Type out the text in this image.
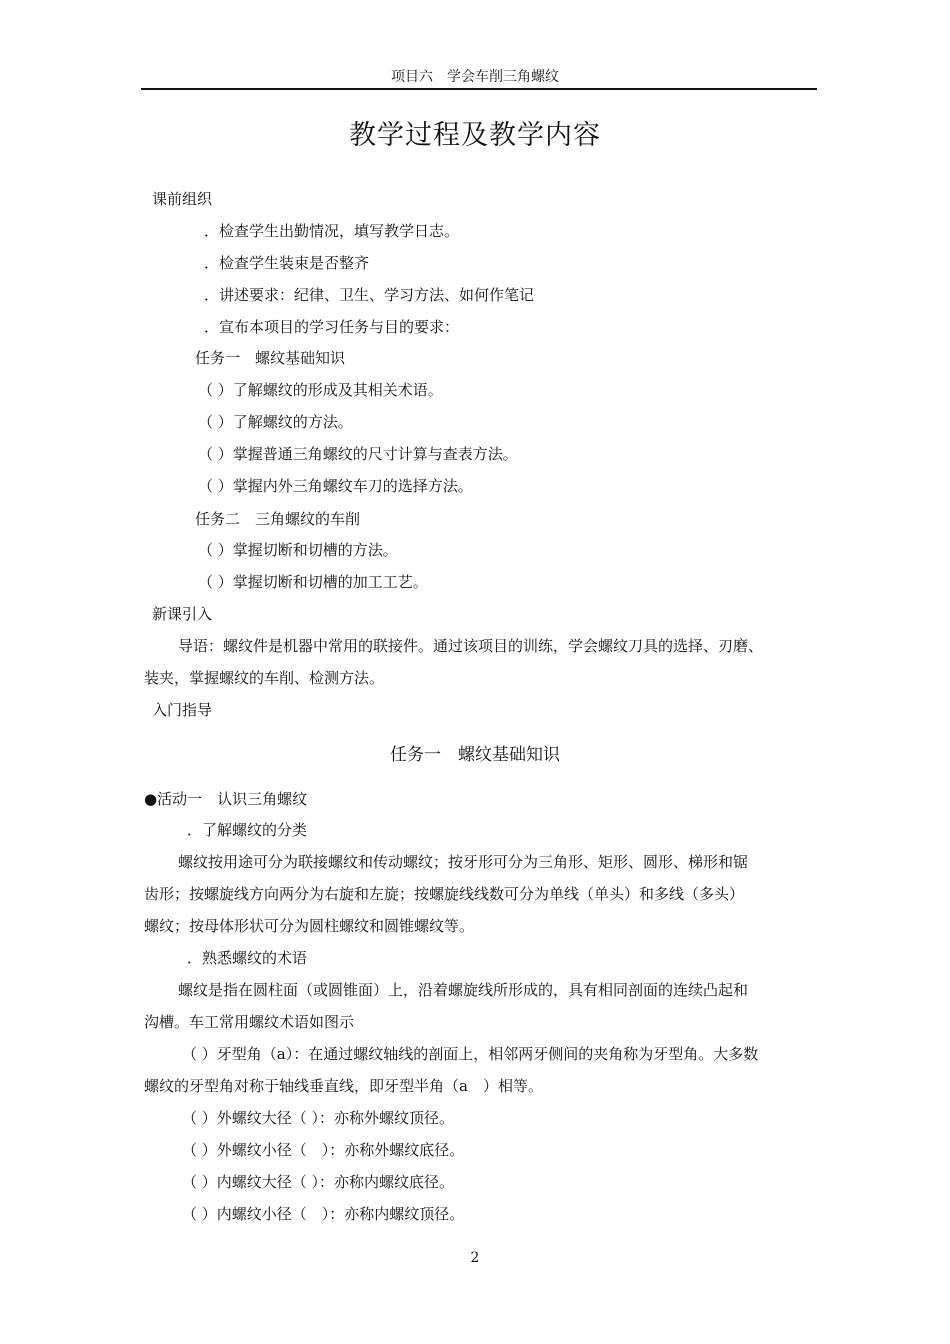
项目六　学会车削三角螺纹
教学过程及教学内容
课前组织
．检查学生出勤情况，填写教学日志。
．检查学生装束是否整齐
．讲述要求：纪律、卫生、学习方法、如何作笔记
．宣布本项目的学习任务与目的要求：
任务一　螺纹基础知识
（ ）了解螺纹的形成及其相关术语。
（ ）了解螺纹的方法。
（ ）掌握普通三角螺纹的尺寸计算与查表方法。
（ ）掌握内外三角螺纹车刀的选择方法。
任务二　三角螺纹的车削
（ ）掌握切断和切槽的方法。
（ ）掌握切断和切槽的加工工艺。
新课引入
导语：螺纹件是机器中常用的联接件。通过该项目的训练，学会螺纹刀具的选择、刃磨、
装夹，掌握螺纹的车削、检测方法。
入门指导
任务一　螺纹基础知识
●活动一　认识三角螺纹
．了解螺纹的分类
螺纹按用途可分为联接螺纹和传动螺纹；按牙形可分为三角形、矩形、圆形、梯形和锯
齿形；按螺旋线方向两分为右旋和左旋；按螺旋线线数可分为单线（单头）和多线（多头）
螺纹；按母体形状可分为圆柱螺纹和圆锥螺纹等。
．熟悉螺纹的术语
螺纹是指在圆柱面（或圆锥面）上，沿着螺旋线所形成的，具有相同剖面的连续凸起和
沟槽。车工常用螺纹术语如图示
（ ）牙型角（a）：在通过螺纹轴线的剖面上，相邻两牙侧间的夹角称为牙型角。大多数
螺纹的牙型角对称于轴线垂直线，即牙型半角（a　）相等。
（ ）外螺纹大径（ ）：亦称外螺纹顶径。
（ ）外螺纹小径（　）：亦称外螺纹底径。
（ ）内螺纹大径（ ）：亦称内螺纹底径。
（ ）内螺纹小径（　）：亦称内螺纹顶径。
2
